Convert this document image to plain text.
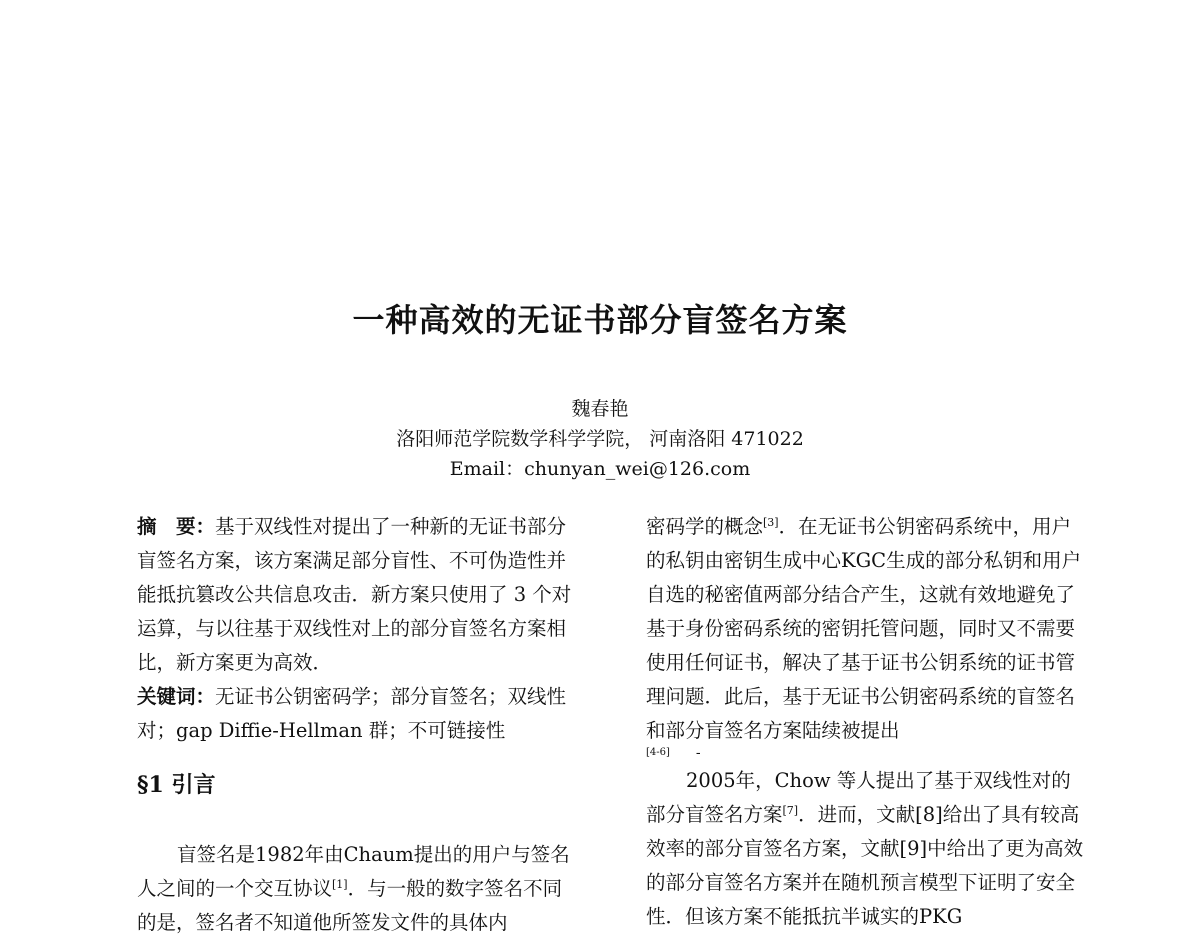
一种高效的无证书部分盲签名方案
魏春艳
洛阳师范学院数学科学学院， 河南洛阳 471022
Email：chunyan_wei@126.com

摘　要：基于双线性对提出了一种新的无证书部分盲签名方案，该方案满足部分盲性、不可伪造性并能抵抗篡改公共信息攻击．新方案只使用了 3 个对运算，与以往基于双线性对上的部分盲签名方案相比，新方案更为高效．

关键词：无证书公钥密码学；部分盲签名；双线性对；gap Diffie-Hellman 群；不可链接性

§1 引言

盲签名是1982年由Chaum提出的用户与签名人之间的一个交互协议[1]．与一般的数字签名不同的是，签名者不知道他所签发文件的具体内

密码学的概念[3]．在无证书公钥密码系统中，用户的私钥由密钥生成中心KGC生成的部分私钥和用户自选的秘密值两部分结合产生，这就有效地避免了基于身份密码系统的密钥托管问题，同时又不需要使用任何证书，解决了基于证书公钥系统的证书管理问题．此后，基于无证书公钥密码系统的盲签名和部分盲签名方案陆续被提出
[4-6] -

2005年，Chow 等人提出了基于双线性对的部分盲签名方案[7]．进而，文献[8]给出了具有较高效率的部分盲签名方案，文献[9]中给出了更为高效的部分盲签名方案并在随机预言模型下证明了安全性．但该方案不能抵抗半诚实的PKG
